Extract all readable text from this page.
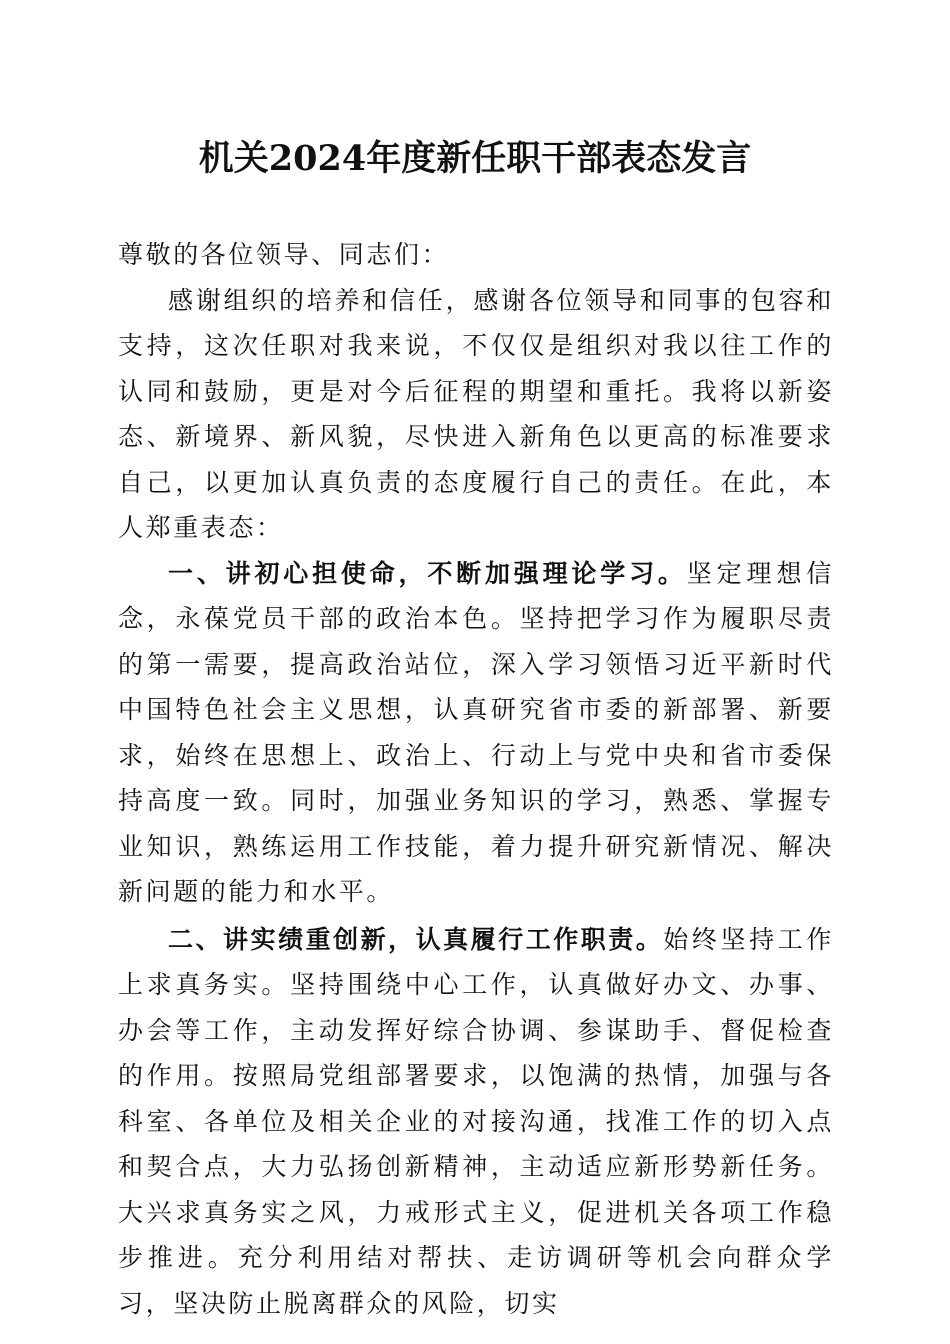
机关2024年度新任职干部表态发言

尊敬的各位领导、同志们：

感谢组织的培养和信任，感谢各位领导和同事的包容和支持，这次任职对我来说，不仅仅是组织对我以往工作的认同和鼓励，更是对今后征程的期望和重托。我将以新姿态、新境界、新风貌，尽快进入新角色以更高的标准要求自己，以更加认真负责的态度履行自己的责任。在此，本人郑重表态：

一、讲初心担使命，不断加强理论学习。坚定理想信念，永葆党员干部的政治本色。坚持把学习作为履职尽责的第一需要，提高政治站位，深入学习领悟习近平新时代中国特色社会主义思想，认真研究省市委的新部署、新要求，始终在思想上、政治上、行动上与党中央和省市委保持高度一致。同时，加强业务知识的学习，熟悉、掌握专业知识，熟练运用工作技能，着力提升研究新情况、解决新问题的能力和水平。

二、讲实绩重创新，认真履行工作职责。始终坚持工作上求真务实。坚持围绕中心工作，认真做好办文、办事、办会等工作，主动发挥好综合协调、参谋助手、督促检查的作用。按照局党组部署要求，以饱满的热情，加强与各科室、各单位及相关企业的对接沟通，找准工作的切入点和契合点，大力弘扬创新精神，主动适应新形势新任务。大兴求真务实之风，力戒形式主义，促进机关各项工作稳步推进。充分利用结对帮扶、走访调研等机会向群众学习，坚决防止脱离群众的风险，切实
